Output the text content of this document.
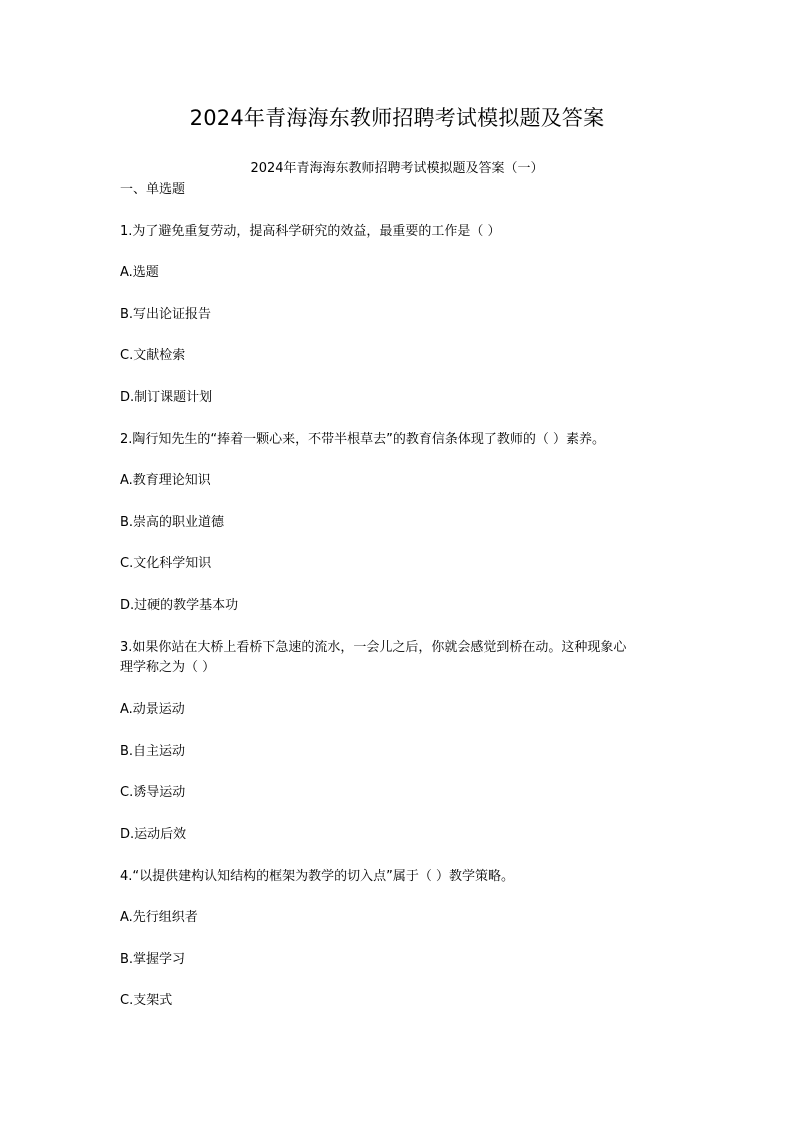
2024年青海海东教师招聘考试模拟题及答案
2024年青海海东教师招聘考试模拟题及答案（一）
一、单选题
1.为了避免重复劳动，提高科学研究的效益，最重要的工作是（ ）
A.选题
B.写出论证报告
C.文献检索
D.制订课题计划
2.陶行知先生的“捧着一颗心来，不带半根草去”的教育信条体现了教师的（ ）素养。
A.教育理论知识
B.崇高的职业道德
C.文化科学知识
D.过硬的教学基本功
3.如果你站在大桥上看桥下急速的流水，一会儿之后，你就会感觉到桥在动。这种现象心
理学称之为（ ）
A.动景运动
B.自主运动
C.诱导运动
D.运动后效
4.“以提供建构认知结构的框架为教学的切入点”属于（ ）教学策略。
A.先行组织者
B.掌握学习
C.支架式
